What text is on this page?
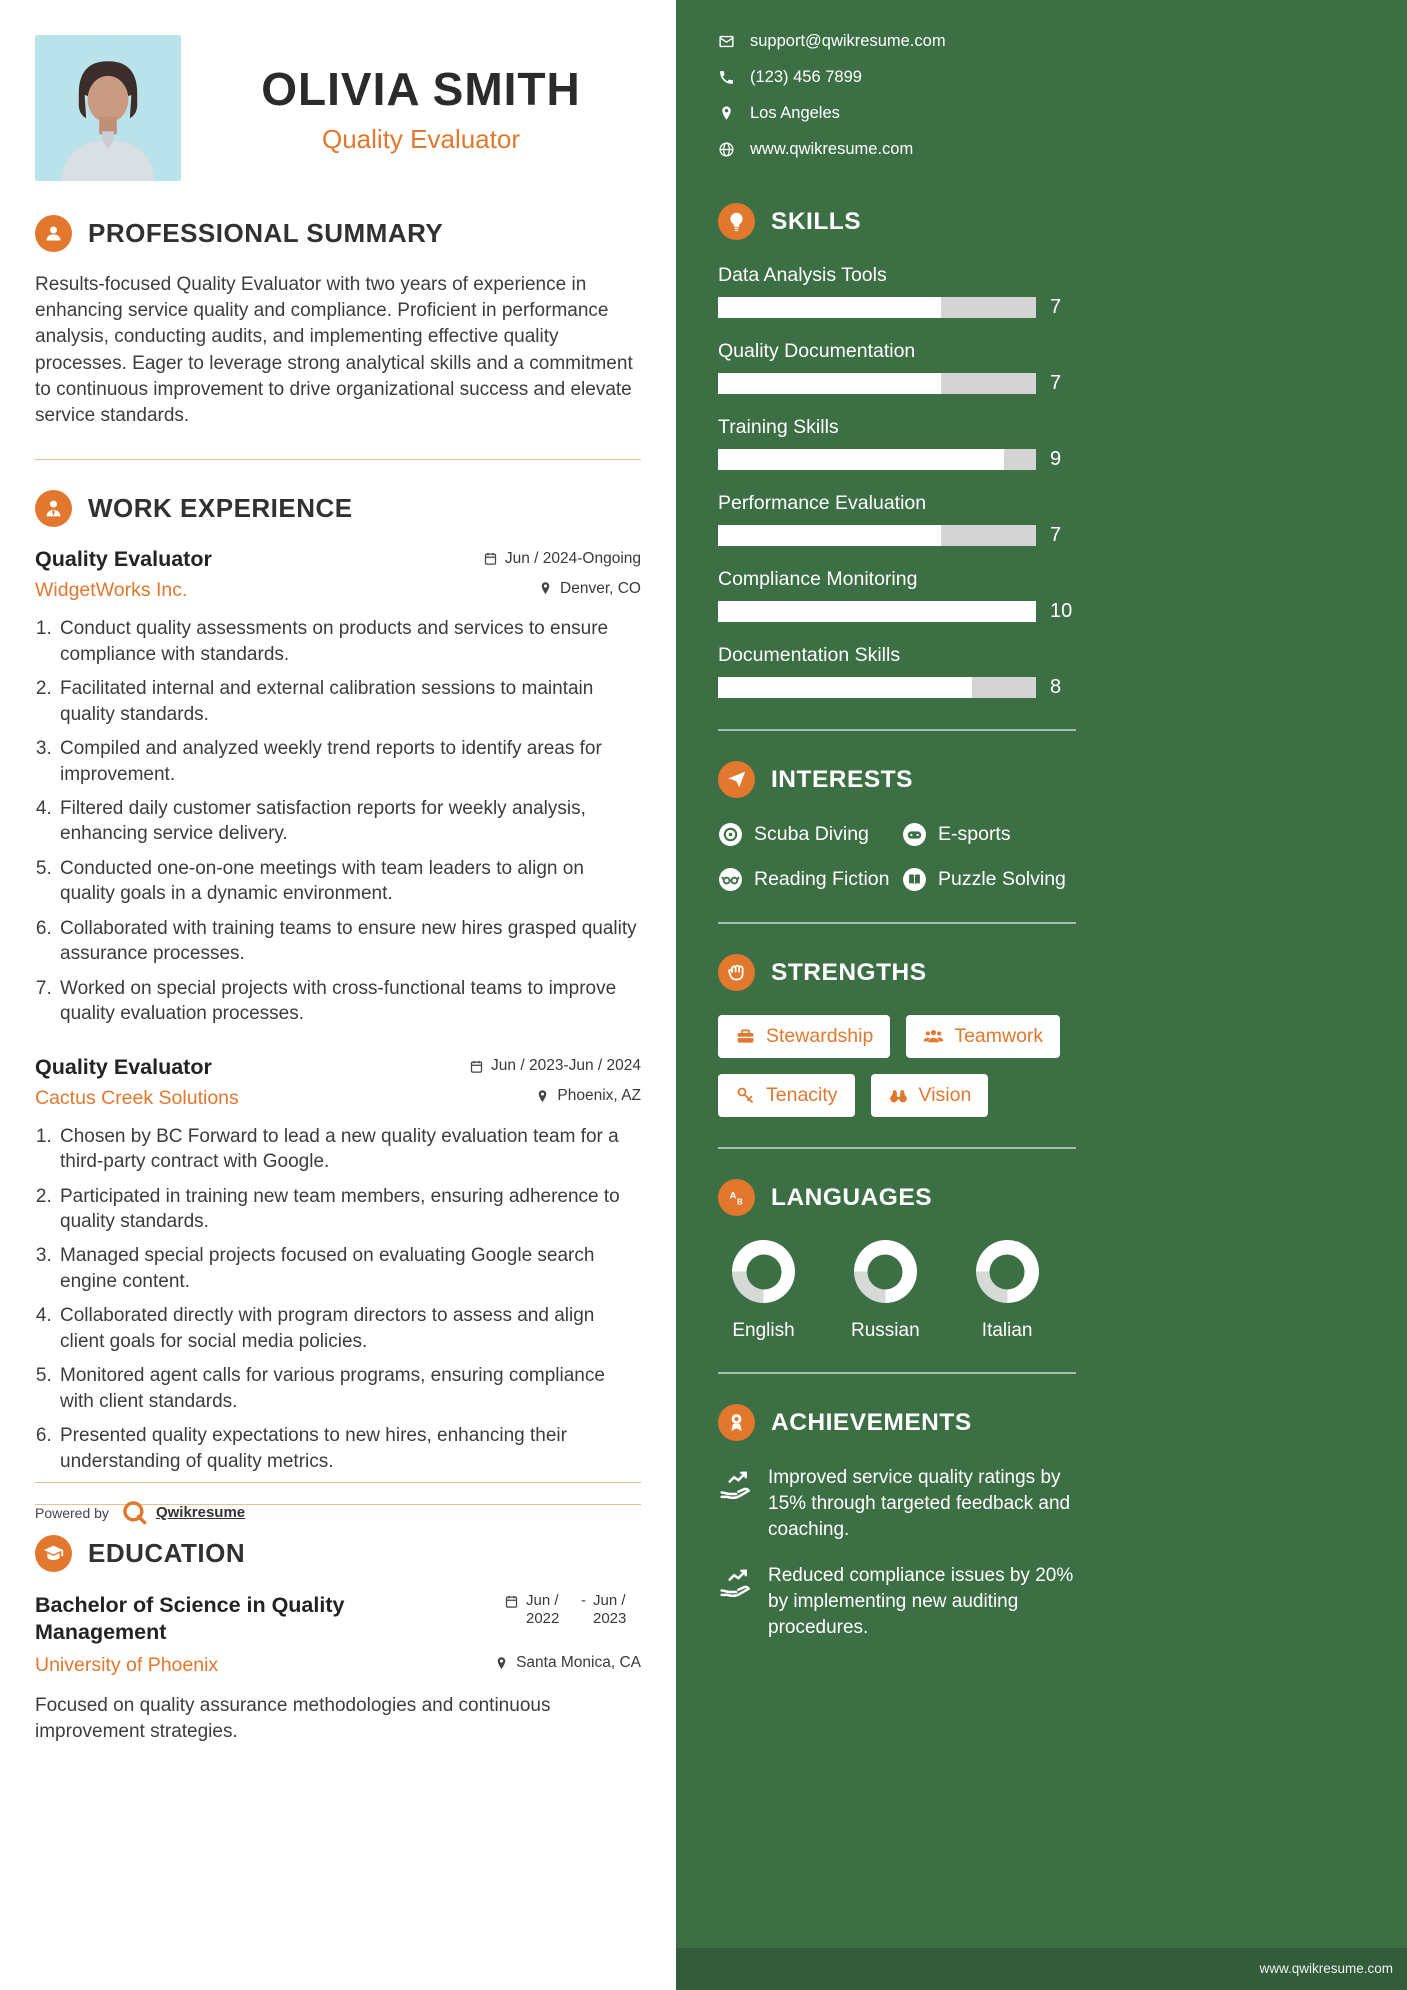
OLIVIA SMITH
Quality Evaluator
PROFESSIONAL SUMMARY

Results-focused Quality Evaluator with two years of experience in enhancing service quality and compliance. Proficient in performance analysis, conducting audits, and implementing effective quality processes. Eager to leverage strong analytical skills and a commitment to continuous improvement to drive organizational success and elevate service standards.

WORK EXPERIENCE
Quality Evaluator	Jun / 2024-Ongoing
WidgetWorks Inc.	Denver, CO
1. Conduct quality assessments on products and services to ensure compliance with standards.
2. Facilitated internal and external calibration sessions to maintain quality standards.
3. Compiled and analyzed weekly trend reports to identify areas for improvement.
4. Filtered daily customer satisfaction reports for weekly analysis, enhancing service delivery.
5. Conducted one-on-one meetings with team leaders to align on quality goals in a dynamic environment.
6. Collaborated with training teams to ensure new hires grasped quality assurance processes.
7. Worked on special projects with cross-functional teams to improve quality evaluation processes.
Quality Evaluator	Jun / 2023-Jun / 2024
Cactus Creek Solutions	Phoenix, AZ
1. Chosen by BC Forward to lead a new quality evaluation team for a third-party contract with Google.
2. Participated in training new team members, ensuring adherence to quality standards.
3. Managed special projects focused on evaluating Google search engine content.
4. Collaborated directly with program directors to assess and align client goals for social media policies.
5. Monitored agent calls for various programs, ensuring compliance with client standards.
6. Presented quality expectations to new hires, enhancing their understanding of quality metrics.
EDUCATION
Bachelor of Science in Quality Management
Jun / 2022
- Jun / 2023
University of Phoenix	Santa Monica, CA

Focused on quality assurance methodologies and continuous improvement strategies.

Powered by	Qwikresume
support@qwikresume.com
(123) 456 7899
Los Angeles
www.qwikresume.com
SKILLS
Data Analysis Tools
7
Quality Documentation
7
Training Skills
9
Performance Evaluation
7
Compliance Monitoring
10
Documentation Skills
8
INTERESTS
Scuba Diving	E-sports
Reading Fiction Puzzle Solving
STRENGTHS
Stewardship	Teamwork
Tenacity	Vision
A
B LANGUAGES
English	Russian	Italian
ACHIEVEMENTS
Improved service quality ratings by 15% through targeted feedback and coaching.
Reduced compliance issues by 20% by implementing new auditing procedures.
www.qwikresume.com
